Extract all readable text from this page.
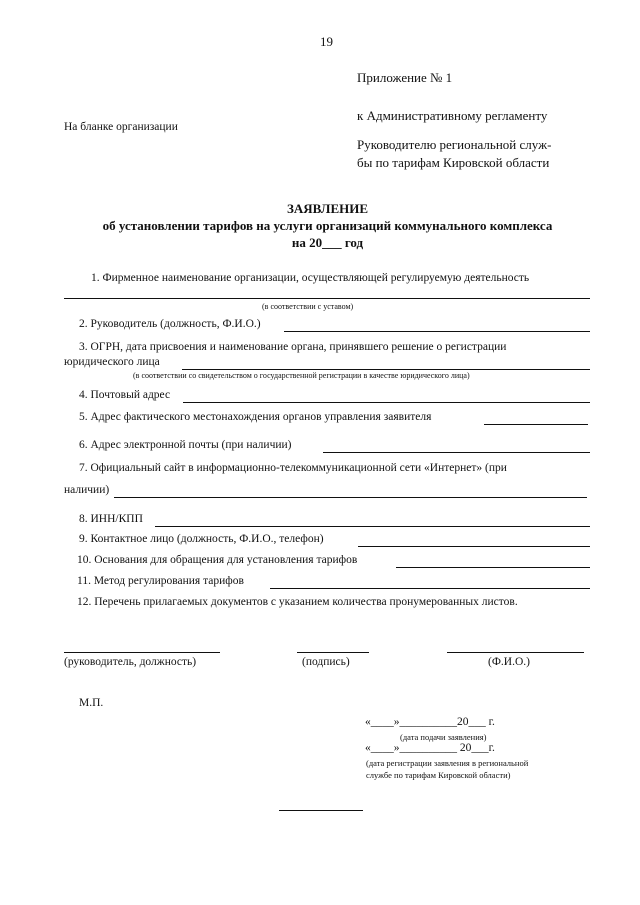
19
Приложение № 1
к Административному регламенту
Руководителю региональной служ-
бы по тарифам Кировской области
На бланке организации
ЗАЯВЛЕНИЕ
об установлении тарифов на услуги организаций коммунального комплекса
на 20___ год
1. Фирменное наименование организации, осуществляющей регулируемую деятельность
(в соответствии с уставом)
2. Руководитель (должность, Ф.И.О.)
3. ОГРН, дата присвоения и наименование органа, принявшего решение о регистрации
юридического лица
(в соответствии со свидетельством о государственной регистрации в качестве юридического лица)
4. Почтовый адрес
5. Адрес фактического местонахождения органов управления заявителя
6. Адрес электронной почты (при наличии)
7. Официальный сайт в информационно-телекоммуникационной сети «Интернет» (при
наличии)
8. ИНН/КПП
9. Контактное лицо (должность, Ф.И.О., телефон)
10. Основания для обращения для установления тарифов
11. Метод регулирования тарифов
12. Перечень прилагаемых документов с указанием количества пронумерованных листов.
(руководитель, должность)	(подпись)	(Ф.И.О.)
М.П.
«____»__________20___ г.
(дата подачи заявления)
«____»__________ 20___г.
(дата регистрации заявления в региональной
службе по тарифам Кировской области)
